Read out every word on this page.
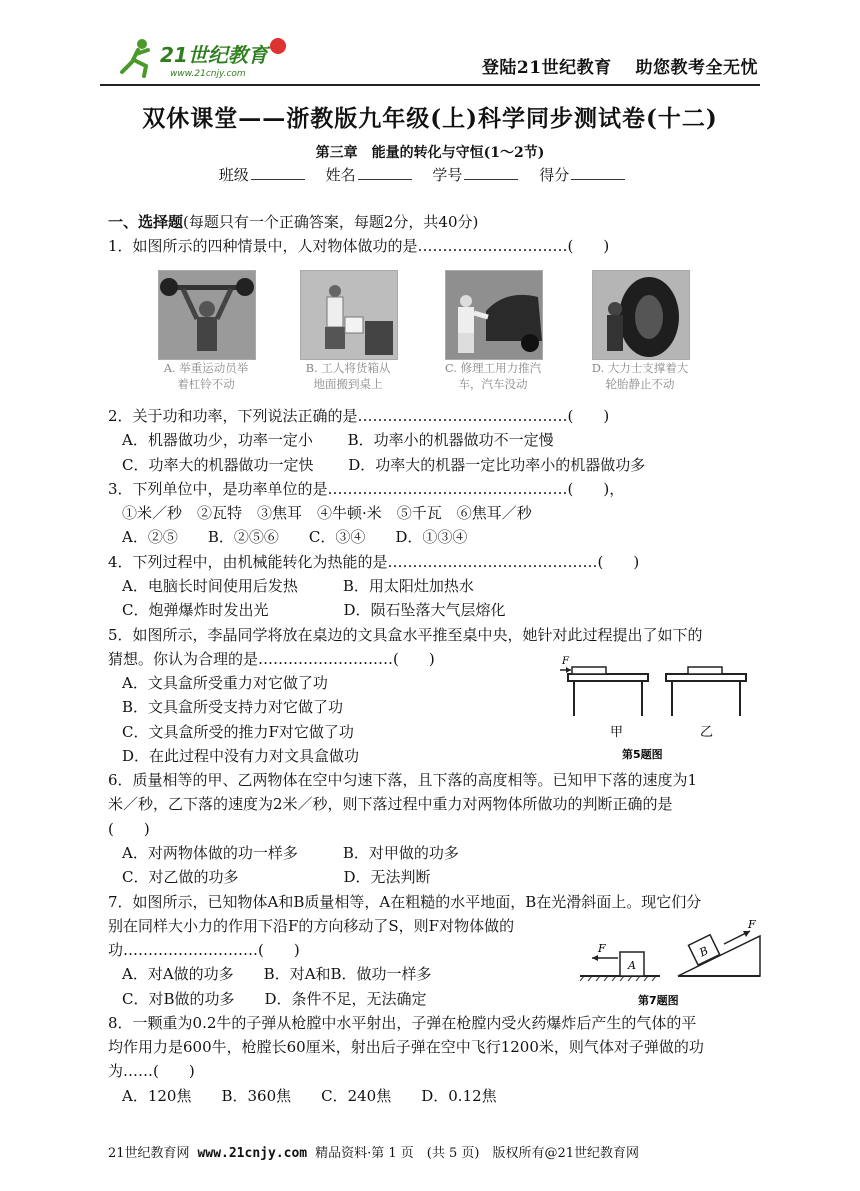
21世纪教育
www.21cnjy.com	登陆21世纪教育　 助您教考全无忧
双休课堂——浙教版九年级(上)科学同步测试卷(十二)
第三章　能量的转化与守恒(1～2节)
班级	姓名	学号	得分
一、选择题(每题只有一个正确答案，每题2分，共40分)
1．如图所示的四种情景中，人对物体做功的是…………………………(　　)
A. 举重运动员举
着杠铃不动
B. 工人将货箱从
地面搬到桌上
C. 修理工用力推汽
车，汽车没动
D. 大力士支撑着大
轮胎静止不动
2．关于功和功率，下列说法正确的是……………………………………(　　)
A．机器做功少，功率一定小　　 B．功率小的机器做功不一定慢
C．功率大的机器做功一定快　　 D．功率大的机器一定比功率小的机器做功多
3．下列单位中，是功率单位的是…………………………………………(　　)，
①米／秒　②瓦特　③焦耳　④牛顿·米　⑤千瓦　⑥焦耳／秒
A．②⑤　　B．②⑤⑥　　C．③④　　D．①③④
4．下列过程中，由机械能转化为热能的是……………………………………(　　)
A．电脑长时间使用后发热　　　B．用太阳灶加热水
C．炮弹爆炸时发出光　　　　　D．陨石坠落大气层熔化
5．如图所示，李晶同学将放在桌边的文具盒水平推至桌中央，她针对此过程提出了如下的
猜想。你认为合理的是………………………(　　)
A．文具盒所受重力对它做了功
B．文具盒所受支持力对它做了功
C．文具盒所受的推力F对它做了功
D．在此过程中没有力对文具盒做功
F
甲	乙
第5题图
6．质量相等的甲、乙两物体在空中匀速下落，且下落的高度相等。已知甲下落的速度为1
米／秒，乙下落的速度为2米／秒，则下落过程中重力对两物体所做功的判断正确的是
(　　)
A．对两物体做的功一样多　　　B．对甲做的功多
C．对乙做的功多　　　　　　　D．无法判断
7．如图所示，已知物体A和B质量相等，A在粗糙的水平地面，B在光滑斜面上。现它们分
别在同样大小力的作用下沿F的方向移动了S，则F对物体做的
功………………………(　　)
A．对A做的功多　　B．对A和B．做功一样多
C．对B做的功多　　D．条件不足，无法确定
A
F	B
F
第7题图
8．一颗重为0.2牛的子弹从枪膛中水平射出，子弹在枪膛内受火药爆炸后产生的气体的平
均作用力是600牛，枪膛长60厘米，射出后子弹在空中飞行1200米，则气体对子弹做的功
为……(　　)
A．120焦　　B．360焦　　C．240焦　　D．0.12焦
21世纪教育网 www.21cnjy.com 精品资料·第 1 页　(共 5 页)　版权所有@21世纪教育网
